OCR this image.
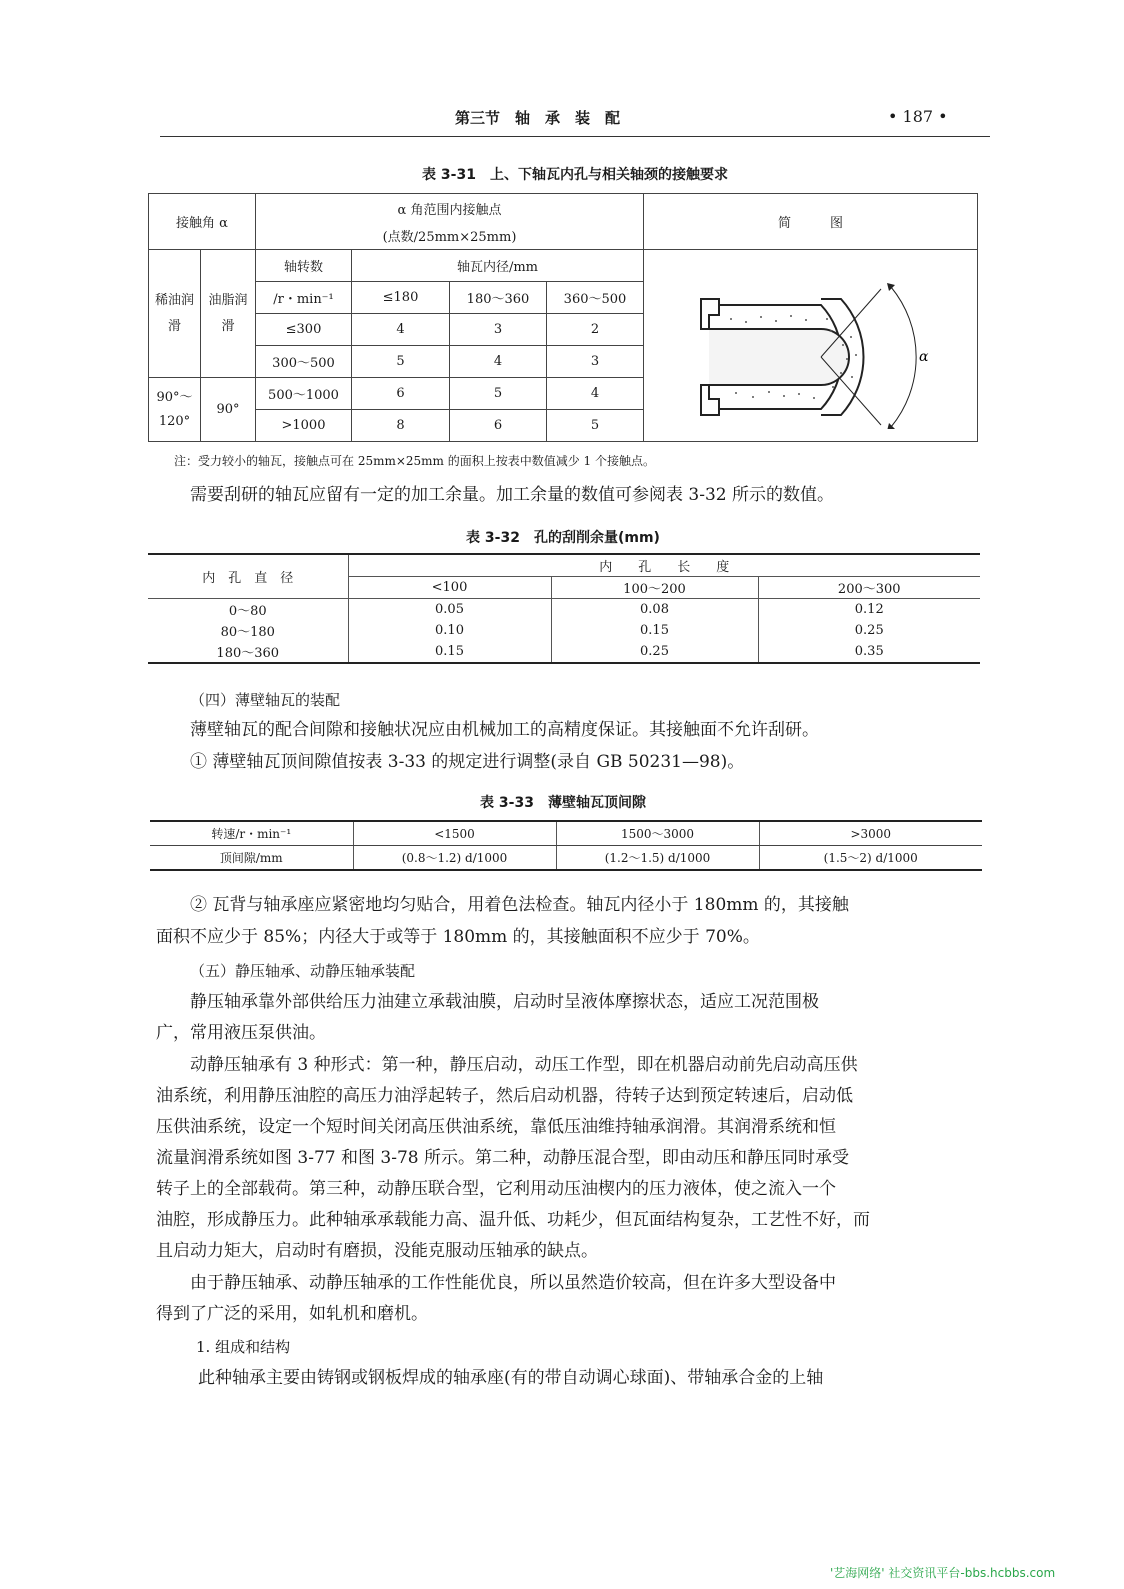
第三节　轴　承　装　配	• 187 •
表 3-31　上、下轴瓦内孔与相关轴颈的接触要求
接触角 α		α 角范围内接触点				简　　　图
		(点数/25mm×25mm)				
稀油润滑	油脂润滑	轴转数	轴瓦内径/mm			α

		/r・min⁻¹	≤180	180～360	360～500	
		≤300	4	3	2	
		300～500	5	4	3	
90°～120°	90°	500～1000	6	5	4	
		>1000	8	6	5	
注：受力较小的轴瓦，接触点可在 25mm×25mm 的面积上按表中数值减少 1 个接触点。
需要刮研的轴瓦应留有一定的加工余量。加工余量的数值可参阅表 3-32 所示的数值。
表 3-32　孔的刮削余量(mm)
内　孔　直　径	内　　孔　　长　　度		
	<100	100～200	200～300
0～80	0.05	0.08	0.12
80～180	0.10	0.15	0.25
180～360	0.15	0.25	0.35
（四）薄壁轴瓦的装配
薄壁轴瓦的配合间隙和接触状况应由机械加工的高精度保证。其接触面不允许刮研。
① 薄壁轴瓦顶间隙值按表 3-33 的规定进行调整(录自 GB 50231—98)。
表 3-33　薄壁轴瓦顶间隙
转速/r・min⁻¹	<1500	1500～3000	>3000
顶间隙/mm	(0.8～1.2) d/1000	(1.2～1.5) d/1000	(1.5～2) d/1000
② 瓦背与轴承座应紧密地均匀贴合，用着色法检查。轴瓦内径小于 180mm 的，其接触
面积不应少于 85%；内径大于或等于 180mm 的，其接触面积不应少于 70%。
（五）静压轴承、动静压轴承装配
静压轴承靠外部供给压力油建立承载油膜，启动时呈液体摩擦状态，适应工况范围极
广，常用液压泵供油。
动静压轴承有 3 种形式：第一种，静压启动，动压工作型，即在机器启动前先启动高压供
油系统，利用静压油腔的高压力油浮起转子，然后启动机器，待转子达到预定转速后，启动低
压供油系统，设定一个短时间关闭高压供油系统，靠低压油维持轴承润滑。其润滑系统和恒
流量润滑系统如图 3-77 和图 3-78 所示。第二种，动静压混合型，即由动压和静压同时承受
转子上的全部载荷。第三种，动静压联合型，它利用动压油楔内的压力液体，使之流入一个
油腔，形成静压力。此种轴承承载能力高、温升低、功耗少，但瓦面结构复杂，工艺性不好，而
且启动力矩大，启动时有磨损，没能克服动压轴承的缺点。
由于静压轴承、动静压轴承的工作性能优良，所以虽然造价较高，但在许多大型设备中
得到了广泛的采用，如轧机和磨机。
1. 组成和结构
此种轴承主要由铸钢或钢板焊成的轴承座(有的带自动调心球面)、带轴承合金的上轴
'艺海网络' 社交资讯平台-bbs.hcbbs.com
